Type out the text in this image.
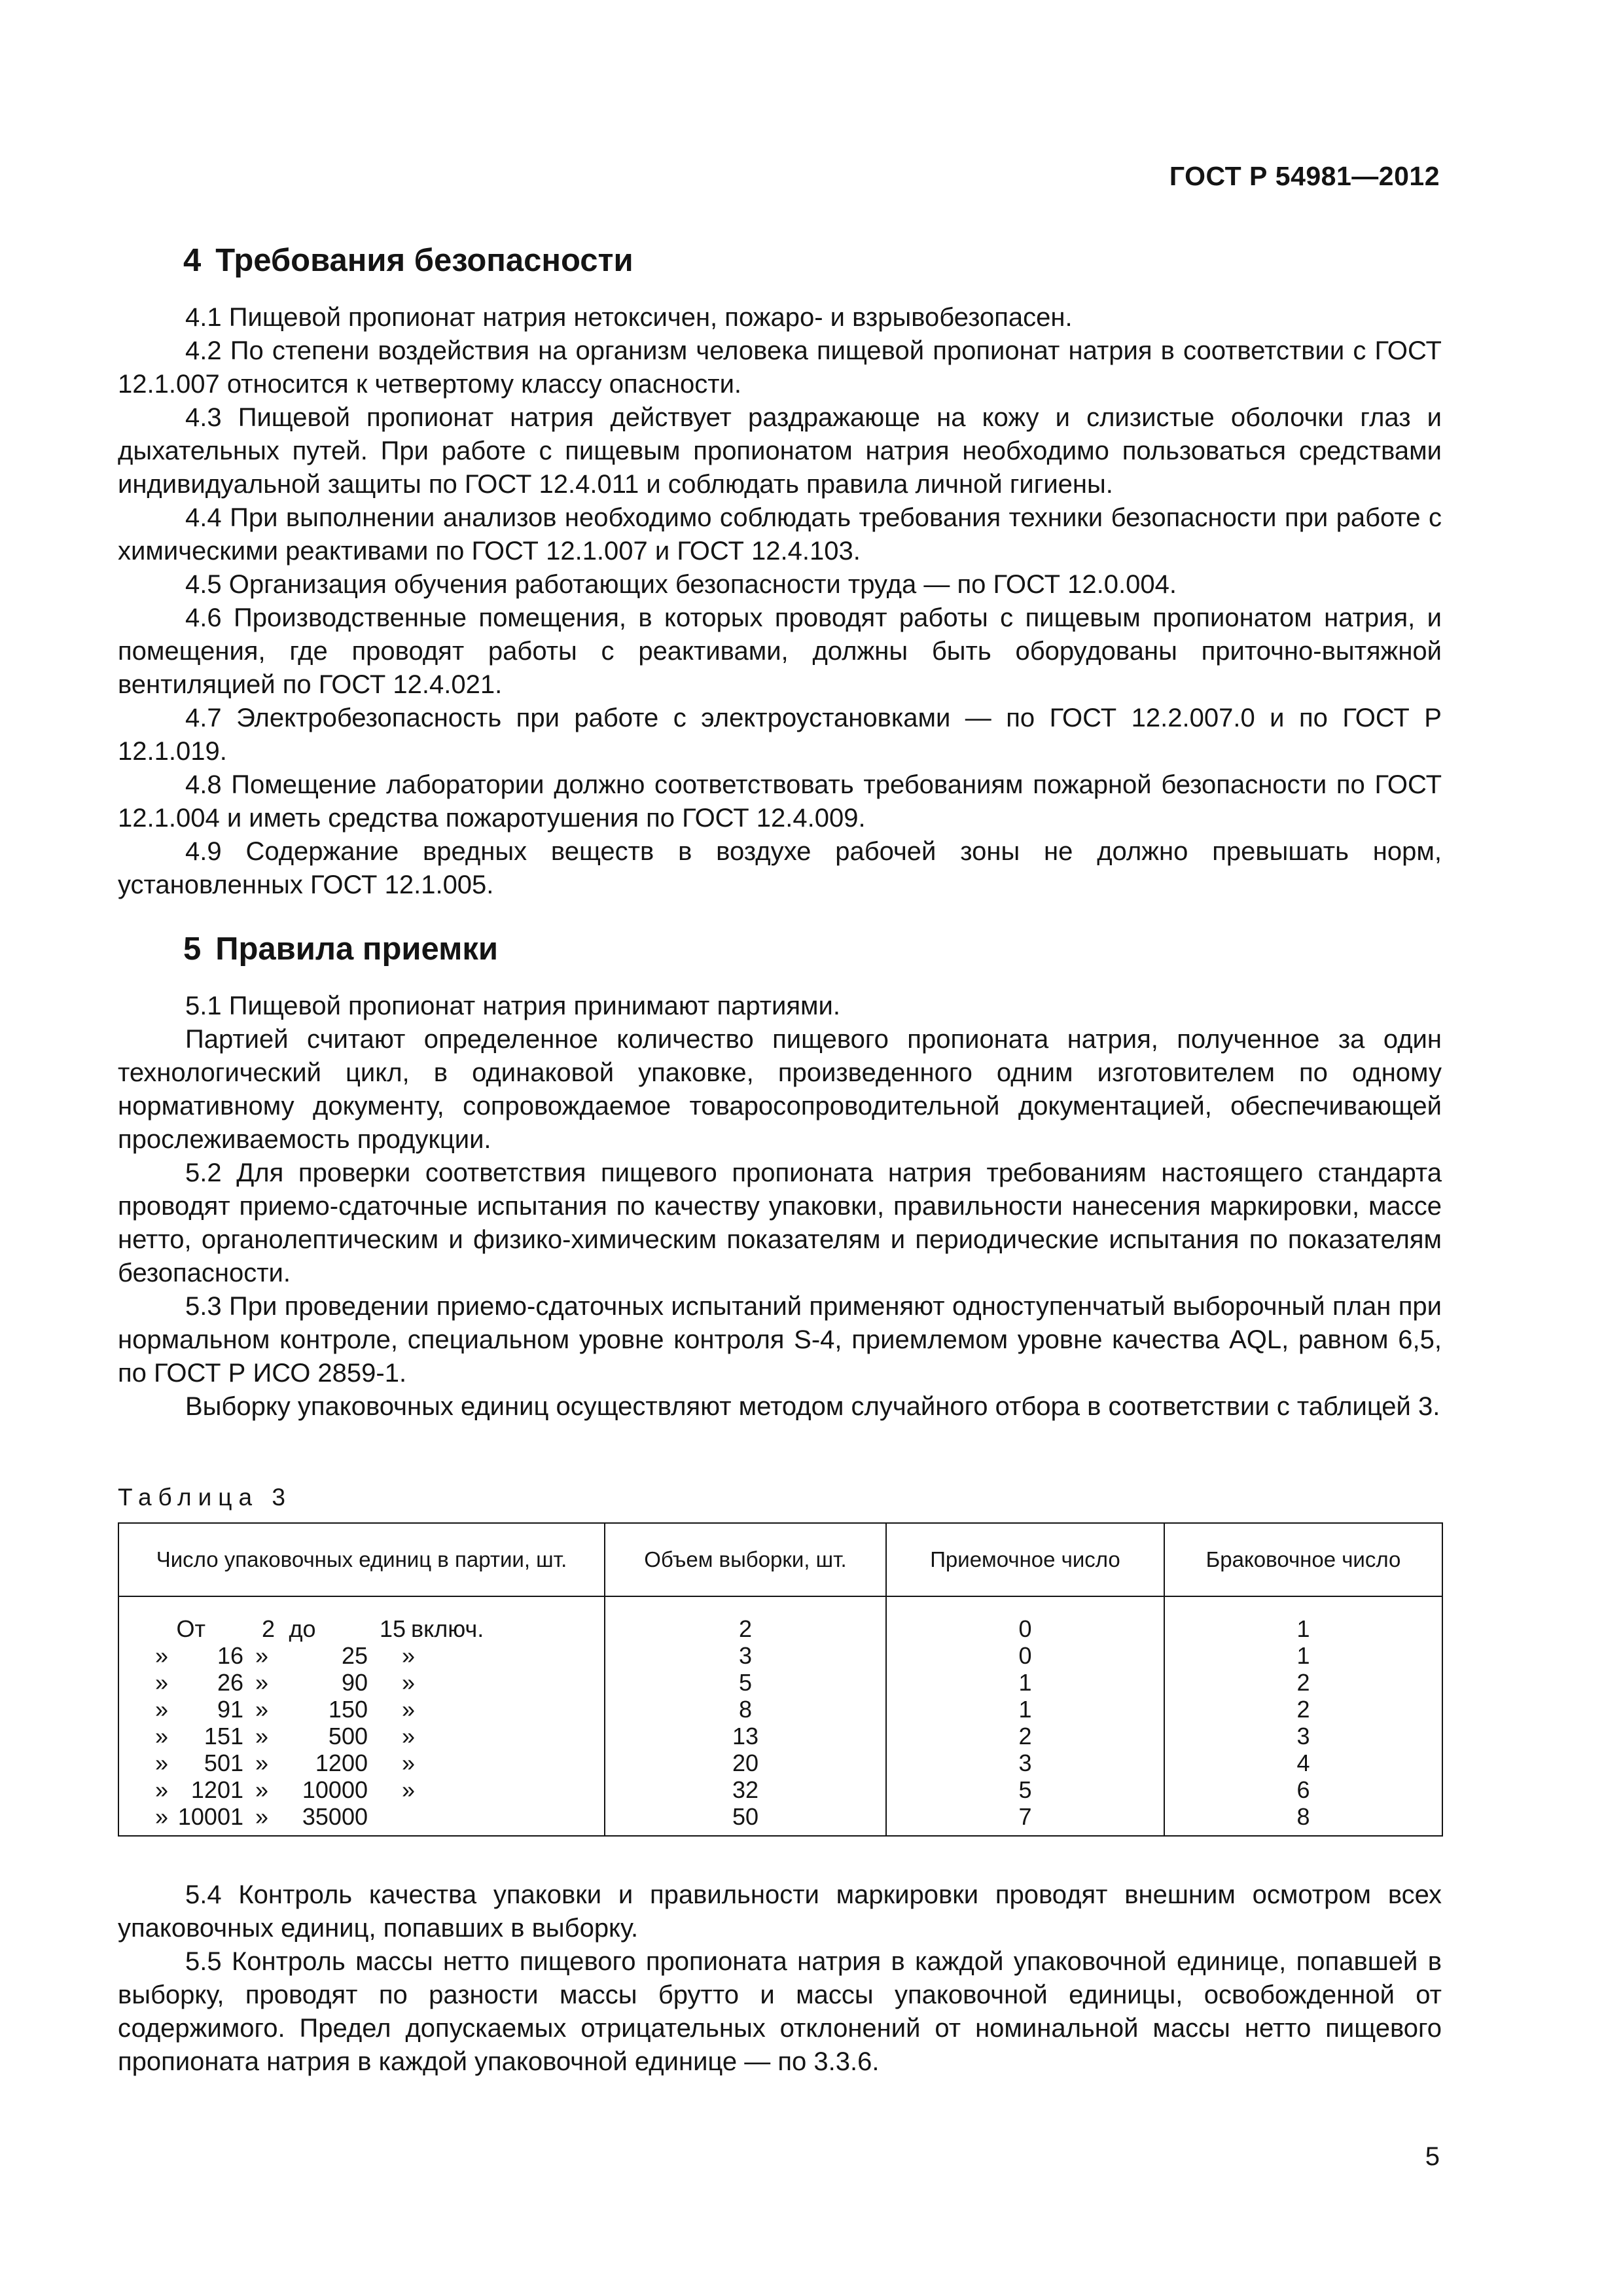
ГОСТ Р 54981—2012
4 Требования безопасности

4.1 Пищевой пропионат натрия нетоксичен, пожаро- и взрывобезопасен.

4.2 По степени воздействия на организм человека пищевой пропионат натрия в соответствии с ГОСТ 12.1.007 относится к четвертому классу опасности.

4.3 Пищевой пропионат натрия действует раздражающе на кожу и слизистые оболочки глаз и дыхательных путей. При работе с пищевым пропионатом натрия необходимо пользоваться средствами индивидуальной защиты по ГОСТ 12.4.011 и соблюдать правила личной гигиены.

4.4 При выполнении анализов необходимо соблюдать требования техники безопасности при работе с химическими реактивами по ГОСТ 12.1.007 и ГОСТ 12.4.103.

4.5 Организация обучения работающих безопасности труда — по ГОСТ 12.0.004.

4.6 Производственные помещения, в которых проводят работы с пищевым пропионатом натрия, и помещения, где проводят работы с реактивами, должны быть оборудованы приточно-вытяжной вентиляцией по ГОСТ 12.4.021.

4.7 Электробезопасность при работе с электроустановками — по ГОСТ 12.2.007.0 и по ГОСТ Р 12.1.019.

4.8 Помещение лаборатории должно соответствовать требованиям пожарной безопасности по ГОСТ 12.1.004 и иметь средства пожаротушения по ГОСТ 12.4.009.

4.9 Содержание вредных веществ в воздухе рабочей зоны не должно превышать норм, установленных ГОСТ 12.1.005.

5 Правила приемки

5.1 Пищевой пропионат натрия принимают партиями.

Партией считают определенное количество пищевого пропионата натрия, полученное за один технологический цикл, в одинаковой упаковке, произведенного одним изготовителем по одному нормативному документу, сопровождаемое товаросопроводительной документацией, обеспечивающей прослеживаемость продукции.

5.2 Для проверки соответствия пищевого пропионата натрия требованиям настоящего стандарта проводят приемо-сдаточные испытания по качеству упаковки, правильности нанесения маркировки, массе нетто, органолептическим и физико-химическим показателям и периодические испытания по показателям безопасности.

5.3 При проведении приемо-сдаточных испытаний применяют одноступенчатый выборочный план при нормальном контроле, специальном уровне контроля S-4, приемлемом уровне качества AQL, равном 6,5, по ГОСТ Р ИСО 2859-1.

Выборку упаковочных единиц осуществляют методом случайного отбора в соответствии с таблицей 3.

Таблица 3
Число упаковочных единиц в партии, шт.	Объем выборки, шт.	Приемочное число	Браковочное число

От 2 до 15 включ.	2	0	1

» 16 » 25 »	3	0	1

» 26 » 90 »	5	1	2

» 91 » 150 »	8	1	2

» 151 » 500 »	13	2	3

» 501 » 1200 »	20	3	4

» 1201 » 10000 »	32	5	6

» 10001 » 35000	50	7	8

5.4 Контроль качества упаковки и правильности маркировки проводят внешним осмотром всех упаковочных единиц, попавших в выборку.

5.5 Контроль массы нетто пищевого пропионата натрия в каждой упаковочной единице, попавшей в выборку, проводят по разности массы брутто и массы упаковочной единицы, освобожденной от содержимого. Предел допускаемых отрицательных отклонений от номинальной массы нетто пищевого пропионата натрия в каждой упаковочной единице — по 3.3.6.

5
